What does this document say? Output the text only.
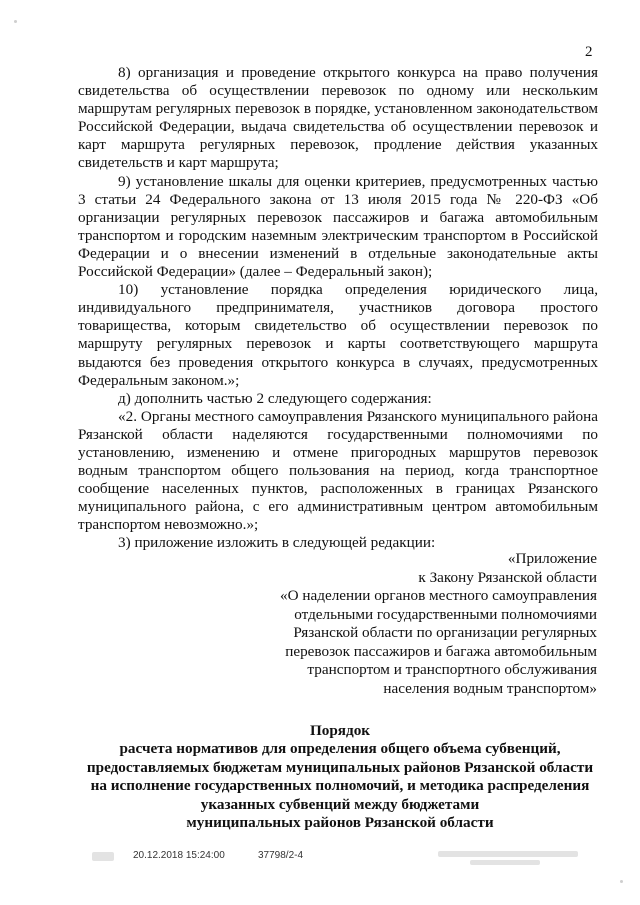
2

8) организация и проведение открытого конкурса на право получения свидетельства об осуществлении перевозок по одному или нескольким маршрутам регулярных перевозок в порядке, установленном законодательством Российской Федерации, выдача свидетельства об осуществлении перевозок и карт маршрута регулярных перевозок, продление действия указанных свидетельств и карт маршрута;

9) установление шкалы для оценки критериев, предусмотренных частью 3 статьи 24 Федерального закона от 13 июля 2015 года № 220-ФЗ «Об организации регулярных перевозок пассажиров и багажа автомобильным транспортом и городским наземным электрическим транспортом в Российской Федерации и о внесении изменений в отдельные законодательные акты Российской Федерации» (далее – Федеральный закон);

10) установление порядка определения юридического лица, индивидуального предпринимателя, участников договора простого товарищества, которым свидетельство об осуществлении перевозок по маршруту регулярных перевозок и карты соответствующего маршрута выдаются без проведения открытого конкурса в случаях, предусмотренных Федеральным законом.»;

д) дополнить частью 2 следующего содержания:

«2. Органы местного самоуправления Рязанского муниципального района Рязанской области наделяются государственными полномочиями по установлению, изменению и отмене пригородных маршрутов перевозок водным транспортом общего пользования на период, когда транспортное сообщение населенных пунктов, расположенных в границах Рязанского муниципального района, с его административным центром автомобильным транспортом невозможно.»;

3) приложение изложить в следующей редакции:

«Приложение
к Закону Рязанской области
«О наделении органов местного самоуправления
отдельными государственными полномочиями
Рязанской области по организации регулярных
перевозок пассажиров и багажа автомобильным
транспортом и транспортного обслуживания
населения водным транспортом»
Порядок
расчета нормативов для определения общего объема субвенций,
предоставляемых бюджетам муниципальных районов Рязанской области
на исполнение государственных полномочий, и методика распределения
указанных субвенций между бюджетами
муниципальных районов Рязанской области
20.12.2018 15:24:00	37798/2-4
